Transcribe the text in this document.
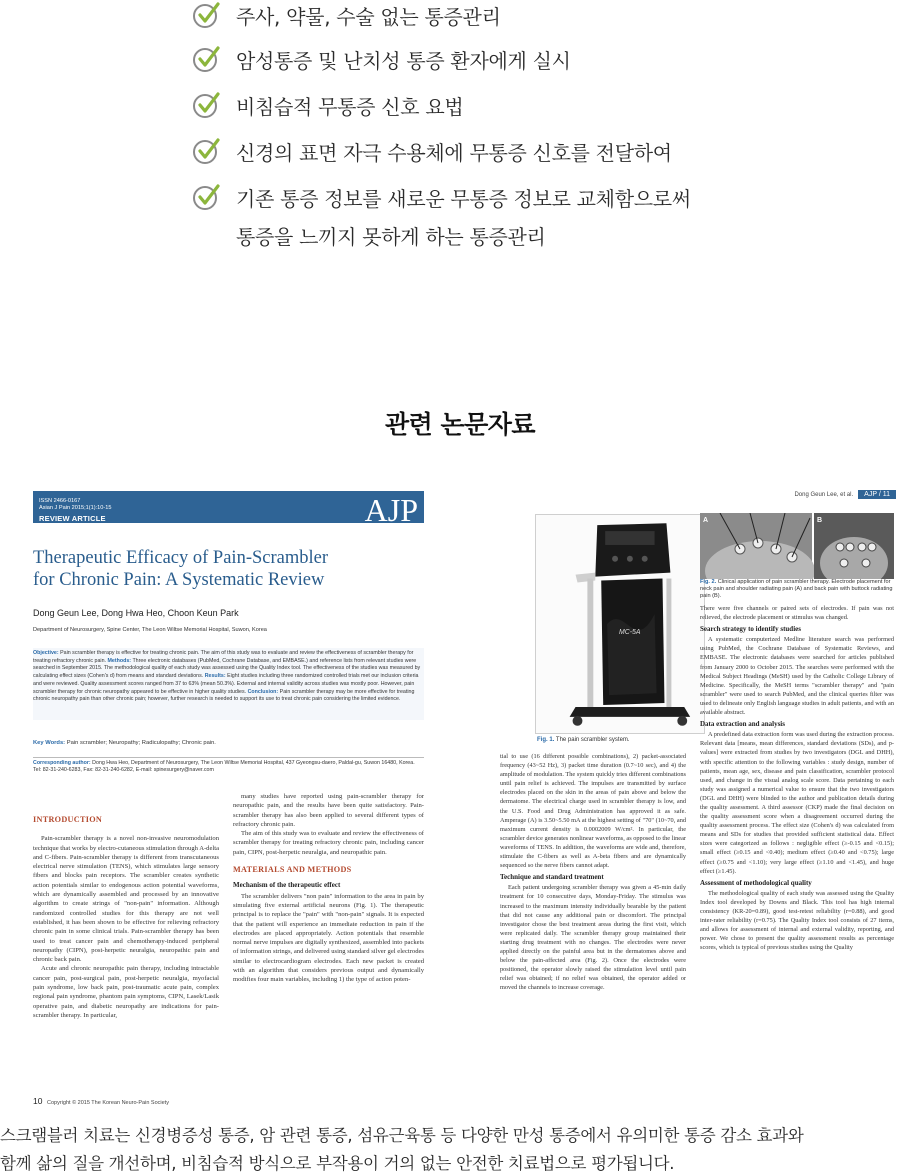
주사, 약물, 수술 없는 통증관리
암성통증 및 난치성 통증 환자에게 실시
비침습적 무통증 신호 요법
신경의 표면 자극 수용체에 무통증 신호를 전달하여
기존 통증 정보를 새로운 무통증 정보로 교체함으로써
통증을 느끼지 못하게 하는 통증관리
관련 논문자료
ISSN 2466-0167
Asian J Pain 2015;1(1):10-15
REVIEW ARTICLE	AJP
Therapeutic Efficacy of Pain-Scrambler
for Chronic Pain: A Systematic Review
Dong Geun Lee, Dong Hwa Heo, Choon Keun Park
Department of Neurosurgery, Spine Center, The Leon Wiltse Memorial Hospital, Suwon, Korea
Objective: Pain scrambler therapy is effective for treating chronic pain. The aim of this study was to evaluate and review the effectiveness of scrambler therapy for treating refractory chronic pain. Methods: Three electronic databases (PubMed, Cochrane Database, and EMBASE.) and reference lists from relevant studies were searched in September 2015. The methodological quality of each study was assessed using the Quality Index tool. The effectiveness of the studies was measured by calculating effect sizes (Cohen's d) from means and standard deviations. Results: Eight studies including three randomized controlled trials met our inclusion criteria and were reviewed. Quality assessment scores ranged from 37 to 63% (mean 50.3%). External and internal validity across studies was mostly poor. However, pain scrambler therapy for chronic neuropathy appeared to be effective in higher quality studies. Conclusion: Pain scrambler therapy may be more effective for treating chronic neuropathy pain than other chronic pain; however, further research is needed to support its use to treat chronic pain considering the limited evidence.
Key Words: Pain scrambler; Neuropathy; Radiculopathy; Chronic pain.
Corresponding author: Dong Hwa Heo, Department of Neurosurgery, The Leon Wiltse Memorial Hospital, 437 Gyeongsu-daero, Paldal-gu, Suwon 16480, Korea. Tel: 82-31-240-6283, Fax: 82-31-240-6282, E-mail: spinesurgery@naver.com
INTRODUCTION

Pain-scrambler therapy is a novel non-invasive neuromodulation technique that works by electro-cutaneous stimulation through A-delta and C-fibers. Pain-scrambler therapy is different from transcutaneous electrical nerve stimulation (TENS), which stimulates large sensory fibers and blocks pain receptors. The scrambler creates synthetic action potentials similar to endogenous action potential waveforms, which are dynamically assembled and processed by an innovative algorithm to create strings of "non-pain" information. Although randomized controlled studies for this therapy are not well established, it has been shown to be effective for relieving refractory chronic pain in some clinical trials. Pain-scrambler therapy has been used to treat cancer pain and chemotherapy-induced peripheral neuropathy (CIPN), post-herpetic neuralgia, neuropathic pain and chronic back pain.

Acute and chronic neuropathic pain therapy, including intractable cancer pain, post-surgical pain, post-herpetic neuralgia, myofacial pain syndrome, low back pain, post-traumatic acute pain, complex regional pain syndrome, phantom pain symptoms, CIPN, Lasek/Lasik operative pain, and diabetic neuropathy are indications for pain-scrambler therapy. In particular,

many studies have reported using pain-scrambler therapy for neuropathic pain, and the results have been quite satisfactory. Pain-scrambler therapy has also been applied to several different types of refractory chronic pain.

The aim of this study was to evaluate and review the effectiveness of scrambler therapy for treating refractory chronic pain, including cancer pain, CIPN, post-herpetic neuralgia, and neuropathic pain.

MATERIALS AND METHODS
Mechanism of the therapeutic effect

The scrambler delivers "non pain" information to the area in pain by simulating five external artificial neurons (Fig. 1). The therapeutic principal is to replace the "pain" with "non-pain" signals. It is expected that the patient will experience an immediate reduction in pain if the electrodes are placed appropriately. Action potentials that resemble normal nerve impulses are digitally synthesized, assembled into packets of information strings, and delivered using standard silver gel electrodes similar to electrocardiogram electrodes. Each new packet is created with an algorithm that considers previous output and dynamically modifies four main variables, including 1) the type of action poten-

10 Copyright © 2015 The Korean Neuro-Pain Society
Dong Geun Lee, et al.	AJP / 11
MC-5A
Fig. 1. The pain scrambler system.
A	B
Fig. 2. Clinical application of pain scrambler therapy. Electrode placement for neck pain and shoulder radiating pain (A) and back pain with buttock radiating pain (B).

tial to use (16 different possible combinations), 2) packet-associated frequency (43~52 Hz), 3) packet time duration (0.7~10 sec), and 4) the amplitude of modulation. The system quickly tries different combinations until pain relief is achieved. The impulses are transmitted by surface electrodes placed on the skin in the areas of pain above and below the dermatome. The electrical charge used in scrambler therapy is low, and the U.S. Food and Drug Administration has approved it as safe. Amperage (A) is 3.50~5.50 mA at the highest setting of "70" (10~70, and maximum current density is 0.0002009 W/cm². In particular, the scrambler device generates nonlinear waveforms, as opposed to the linear waveforms of TENS. In addition, the waveforms are wide and, therefore, stimulate the C-fibers as well as A-beta fibers and are dynamically sequenced so the nerve fibers cannot adapt.

Technique and standard treatment

Each patient undergoing scrambler therapy was given a 45-min daily treatment for 10 consecutive days, Monday-Friday. The stimulus was increased to the maximum intensity individually bearable by the patient that did not cause any additional pain or discomfort. The principal investigator chose the best treatment areas during the first visit, which were replicated daily. The scrambler therapy group maintained their starting drug treatment with no changes. The electrodes were never applied directly on the painful area but in the dermatomes above and below the pain-affected area (Fig. 2). Once the electrodes were positioned, the operator slowly raised the stimulation level until pain relief was obtained; if no relief was obtained, the operator added or moved the channels to increase coverage.

There were five channels or paired sets of electrodes. If pain was not relieved, the electrode placement or stimulus was changed.

Search strategy to identify studies

A systematic computerized Medline literature search was performed using PubMed, the Cochrane Database of Systematic Reviews, and EMBASE. The electronic databases were searched for articles published from January 2000 to October 2015. The searches were performed with the Medical Subject Headings (MeSH) used by the Catholic College Library of Medicine. Specifically, the MeSH terms "scrambler therapy" and "pain scrambler" were used to search PubMed, and the clinical queries filter was used to delineate only English language studies in adult patients, and with an available abstract.

Data extraction and analysis

A predefined data extraction form was used during the extraction process. Relevant data [means, mean differences, standard deviations (SDs), and p-values] were extracted from studies by two investigators (DGL and DHH), with specific attention to the following variables : study design, number of patients, mean age, sex, disease and pain classification, scrambler protocol used, and change in the visual analog scale score. Data pertaining to each study was assigned a numerical value to ensure that the two investigators (DGL and DHH) were blinded to the author and publication details during the quality assessment. A third assessor (CKP) made the final decision on the quality assessment score when a disagreement occurred during the quality assessment process. The effect size (Cohen's d) was calculated from means and SDs for studies that provided sufficient statistical data. Effect sizes were categorized as follows : negligible effect (≥-0.15 and <0.15); small effect (≥0.15 and <0.40); medium effect (≥0.40 and <0.75); large effect (≥0.75 and <1.10); very large effect (≥1.10 and <1.45), and huge effect (≥1.45).

Assessment of methodological quality

The methodological quality of each study was assessed using the Quality Index tool developed by Downs and Black. This tool has high internal consistency (KR-20=0.89), good test-retest reliability (r=0.88), and good inter-rater reliability (r=0.75). The Quality Index tool consists of 27 items, and allows for assessment of internal and external validity, reporting, and power. We chose to present the quality assessment results as percentage scores, which is typical of previous studies using the Quality

스크램블러 치료는 신경병증성 통증, 암 관련 통증, 섬유근육통 등 다양한 만성 통증에서 유의미한 통증 감소 효과와
함께 삶의 질을 개선하며, 비침습적 방식으로 부작용이 거의 없는 안전한 치료법으로 평가됩니다.
